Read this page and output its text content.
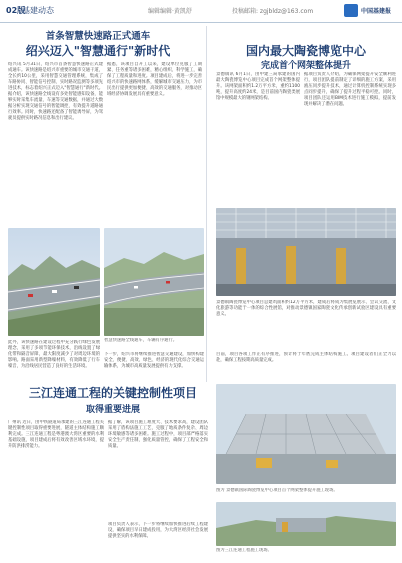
02版
基建动态	编辑编辑·黄凯舒	投稿邮箱: zgjbldz@163.com	中国基建报
首条智慧快速路正式通车
绍兴迈入"智慧通行"新时代
绍兴讯 5月31日，绍兴市首条智慧快速路正式建成通车。该快速路是绍兴市重要的城市交通干道，全长约10公里，采用智慧交通管理系统，集成了车路协同、智能信号控制、实时路况监测等多项先进技术，标志着绍兴正式迈入"智慧通行"新时代。据介绍，该快速路全线设有多处智能感知设备，能够实时采集车流量、车速等交通数据，并通过大数据分析实现交通信号的智能调控，有效提升道路通行效率。同时，快速路还配备了智能诱导屏，为驾驶员提供实时路况信息和出行建议。
据悉，该项目自开工以来，建设单位克服了工期紧、任务重等诸多困难，精心组织、科学施工，确保了工程质量和进度。项目建成后，将进一步完善绍兴市的快速路网体系，缓解城市交通压力，为市民出行提供更加便捷、高效的交通服务，对推动区域经济协调发展具有重要意义。
智慧快速路全线通车，车辆有序通行。
此外，该快速路在建设过程中充分践行绿色发展理念，采用了多项节能环保技术，沿线设置了绿化带和隔音屏障，最大限度减少了对周边环境的影响。路面采用新型降噪材料，有效降低了行车噪音，为沿线居民营造了良好的生活环境。
下一步，绍兴市将继续推进智慧交通建设，加快构建安全、便捷、高效、绿色、经济的现代化综合交通运输体系，为城市高质量发展提供有力支撑。
国内最大陶瓷博览中心
完成首个网架整体提升
景德镇讯 6月1日，由中建三局承建的国内最大陶瓷博览中心项目完成首个网架整体提升。该网架面积约1.2万平方米，重约1100吨，提升高度约24米，是目前国内陶瓷类展馆中规模最大的钢网架结构。
据项目负责人介绍，为确保网架提升安全顺利进行，项目团队提前制定了详细的施工方案，采用液压同步提升技术，通过计算机控制系统实现多点同步提升，确保了提升过程平稳可控。同时，项目团队还运用BIM技术进行施工模拟，提前发现并解决了潜在问题。
景德镇陶瓷博览中心项目总建筑面积约12万平方米，建成后将成为集展览展示、会议交流、文化旅游等功能于一体的综合性展馆，对推动景德镇国家陶瓷文化传承创新试验区建设具有重要意义。
目前，项目各项工作正有序推进，预计将于年底完成主体结构施工。项目建设者们正全力以赴，确保工程按期高质量完成。
图为 景德镇国际陶瓷博览中心项目首个网架整体提升施工现场。
三江连通工程的关键控制性项目
取得重要进展
广州讯 近日，由中铁隧道局承建的三江连通工程关键控制性项目取得重要进展，隧道主体结构施工顺利完成。三江连通工程是粤港澳大湾区重要的水利基础设施，项目建成后将有效改善区域水环境，提升防洪排涝能力。
据了解，该项目施工难度大、技术要求高，建设团队采用了盾构法施工工艺，克服了地质条件复杂、周边环境敏感等诸多困难。施工过程中，项目部严格落实安全生产责任制，强化质量管控，确保了工程安全和质量。
项目负责人表示，下一步将继续加快推进后续工程建设，确保项目早日建成投用，为大湾区经济社会发展提供坚实的水利保障。
图为三江连通工程施工现场。
